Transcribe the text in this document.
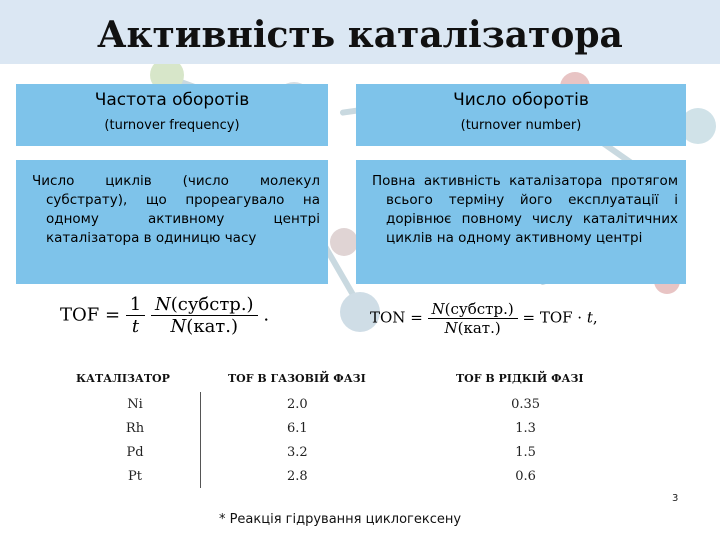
Активність каталізатора
Частота оборотів
(turnover frequency)
Число оборотів
(turnover number)

Число циклів (число молекул субстрату), що прореагувало на одному активному центрі каталізатора в одиницю часу

Повна активність каталізатора протягом всього терміну його експлуатації і дорівнює повному числу каталітичних циклів на одному активному центрі

TOF = $\frac{1}{t}$
$\frac{\text{N(субстр.)}}{\text{N(кат.)}}$ .	TON = $\frac{\text{N(субстр.)}}{\text{N(кат.)}}$ = TOF · t,
КАТАЛІЗАТОР	TOF В ГАЗОВІЙ ФАЗІ	TOF В РІДКІЙ ФАЗІ
Ni	2.0	0.35
Rh	6.1	1.3
Pd	3.2	1.5
Pt	2.8	0.6
3
* Реакція гідрування циклогексену
